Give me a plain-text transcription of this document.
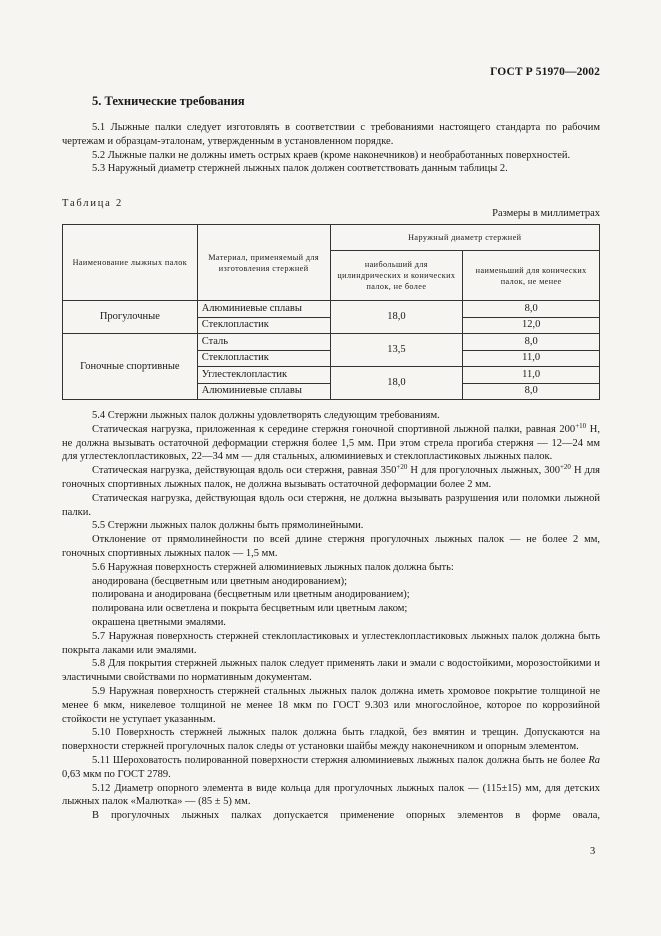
ГОСТ Р 51970—2002
5. Технические требования

5.1 Лыжные палки следует изготовлять в соответствии с требованиями настоящего стандарта по рабочим чертежам и образцам-эталонам, утвержденным в установленном порядке.

5.2 Лыжные палки не должны иметь острых краев (кроме наконечников) и необработанных поверхностей.

5.3 Наружный диаметр стержней лыжных палок должен соответствовать данным таблицы 2.

Таблица 2
Размеры в миллиметрах
Наименование лыжных палок	Материал, применяемый для изготовления стержней	Наружный диаметр стержней	
		наибольший для цилиндрических и конических палок, не более	наименьший для конических палок, не менее
Прогулочные	Алюминиевые сплавы	18,0	8,0
	Стеклопластик		12,0
Гоночные спортивные	Сталь	13,5	8,0
	Стеклопластик		11,0
	Углестеклопластик	18,0	11,0
	Алюминиевые сплавы		8,0

5.4 Стержни лыжных палок должны удовлетворять следующим требованиям.

Статическая нагрузка, приложенная к середине стержня гоночной спортивной лыжной палки, равная $200^{+10}$ Н, не должна вызывать остаточной деформации стержня более 1,5 мм. При этом стрела прогиба стержня — 12—24 мм для углестеклопластиковых, 22—34 мм — для стальных, алюминиевых и стеклопластиковых лыжных палок.

Статическая нагрузка, действующая вдоль оси стержня, равная $350^{+20}$ Н для прогулочных лыжных, $300^{+20}$ Н для гоночных спортивных лыжных палок, не должна вызывать остаточной деформации более 2 мм.

Статическая нагрузка, действующая вдоль оси стержня, не должна вызывать разрушения или поломки лыжной палки.

5.5 Стержни лыжных палок должны быть прямолинейными.

Отклонение от прямолинейности по всей длине стержня прогулочных лыжных палок — не более 2 мм, гоночных спортивных лыжных палок — 1,5 мм.

5.6 Наружная поверхность стержней алюминиевых лыжных палок должна быть:

анодирована (бесцветным или цветным анодированием);

полирована и анодирована (бесцветным или цветным анодированием);

полирована или осветлена и покрыта бесцветным или цветным лаком;

окрашена цветными эмалями.

5.7 Наружная поверхность стержней стеклопластиковых и углестеклопластиковых лыжных палок должна быть покрыта лаками или эмалями.

5.8 Для покрытия стержней лыжных палок следует применять лаки и эмали с водостойкими, морозостойкими и эластичными свойствами по нормативным документам.

5.9 Наружная поверхность стержней стальных лыжных палок должна иметь хромовое покрытие толщиной не менее 6 мкм, никелевое толщиной не менее 18 мкм по ГОСТ 9.303 или многослойное, которое по коррозийной стойкости не уступает указанным.

5.10 Поверхность стержней лыжных палок должна быть гладкой, без вмятин и трещин. Допускаются на поверхности стержней прогулочных палок следы от установки шайбы между наконечником и опорным элементом.

5.11 Шероховатость полированной поверхности стержня алюминиевых лыжных палок должна быть не более Ra 0,63 мкм по ГОСТ 2789.

5.12 Диаметр опорного элемента в виде кольца для прогулочных лыжных палок — (115±15) мм, для детских лыжных палок «Малютка» — (85 ± 5) мм.

В прогулочных лыжных палках допускается применение опорных элементов в форме овала,

3
